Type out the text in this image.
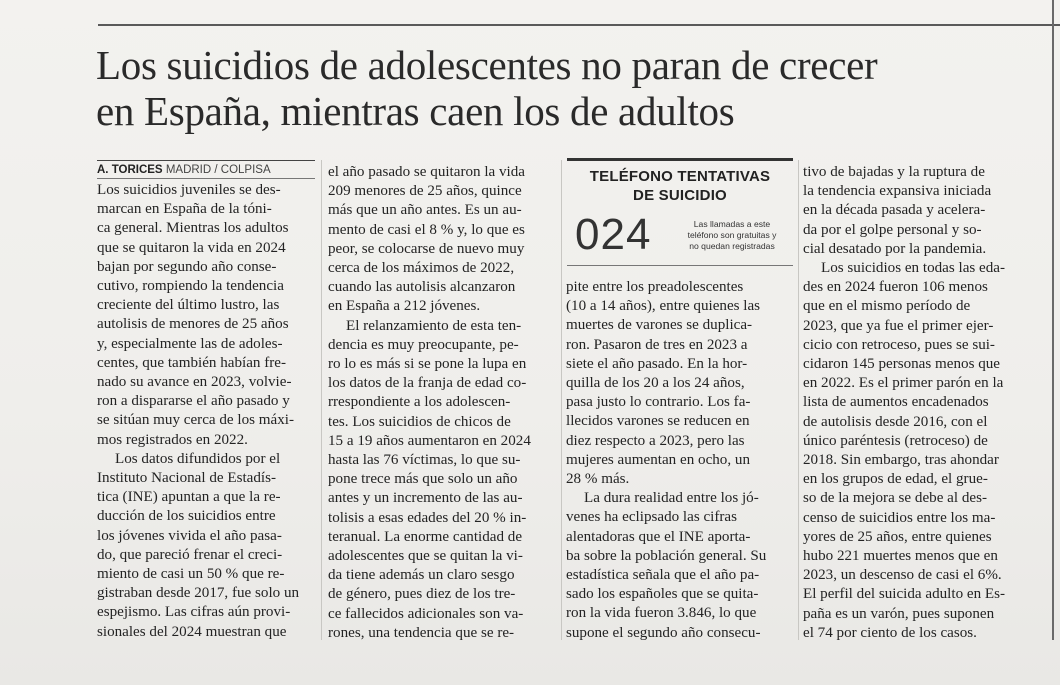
Los suicidios de adolescentes no paran de crecer
en España, mientras caen los de adultos
A. TORICES MADRID / COLPISA
Los suicidios juveniles se des-
marcan en España de la tóni-
ca general. Mientras los adultos
que se quitaron la vida en 2024
bajan por segundo año conse-
cutivo, rompiendo la tendencia
creciente del último lustro, las
autolisis de menores de 25 años
y, especialmente las de adoles-
centes, que también habían fre-
nado su avance en 2023, volvie-
ron a dispararse el año pasado y
se sitúan muy cerca de los máxi-
mos registrados en 2022.
Los datos difundidos por el
Instituto Nacional de Estadís-
tica (INE) apuntan a que la re-
ducción de los suicidios entre
los jóvenes vivida el año pasa-
do, que pareció frenar el creci-
miento de casi un 50 % que re-
gistraban desde 2017, fue solo un
espejismo. Las cifras aún provi-
sionales del 2024 muestran que
el año pasado se quitaron la vida
209 menores de 25 años, quince
más que un año antes. Es un au-
mento de casi el 8 % y, lo que es
peor, se colocarse de nuevo muy
cerca de los máximos de 2022,
cuando las autolisis alcanzaron
en España a 212 jóvenes.
El relanzamiento de esta ten-
dencia es muy preocupante, pe-
ro lo es más si se pone la lupa en
los datos de la franja de edad co-
rrespondiente a los adolescen-
tes. Los suicidios de chicos de
15 a 19 años aumentaron en 2024
hasta las 76 víctimas, lo que su-
pone trece más que solo un año
antes y un incremento de las au-
tolisis a esas edades del 20 % in-
teranual. La enorme cantidad de
adolescentes que se quitan la vi-
da tiene además un claro sesgo
de género, pues diez de los tre-
ce fallecidos adicionales son va-
rones, una tendencia que se re-
TELÉFONO TENTATIVAS
DE SUICIDIO
024	Las llamadas a este
teléfono son gratuitas y
no quedan registradas
pite entre los preadolescentes
(10 a 14 años), entre quienes las
muertes de varones se duplica-
ron. Pasaron de tres en 2023 a
siete el año pasado. En la hor-
quilla de los 20 a los 24 años,
pasa justo lo contrario. Los fa-
llecidos varones se reducen en
diez respecto a 2023, pero las
mujeres aumentan en ocho, un
28 % más.
La dura realidad entre los jó-
venes ha eclipsado las cifras
alentadoras que el INE aporta-
ba sobre la población general. Su
estadística señala que el año pa-
sado los españoles que se quita-
ron la vida fueron 3.846, lo que
supone el segundo año consecu-
tivo de bajadas y la ruptura de
la tendencia expansiva iniciada
en la década pasada y acelera-
da por el golpe personal y so-
cial desatado por la pandemia.
Los suicidios en todas las eda-
des en 2024 fueron 106 menos
que en el mismo período de
2023, que ya fue el primer ejer-
cicio con retroceso, pues se sui-
cidaron 145 personas menos que
en 2022. Es el primer parón en la
lista de aumentos encadenados
de autolisis desde 2016, con el
único paréntesis (retroceso) de
2018. Sin embargo, tras ahondar
en los grupos de edad, el grue-
so de la mejora se debe al des-
censo de suicidios entre los ma-
yores de 25 años, entre quienes
hubo 221 muertes menos que en
2023, un descenso de casi el 6%.
El perfil del suicida adulto en Es-
paña es un varón, pues suponen
el 74 por ciento de los casos.
